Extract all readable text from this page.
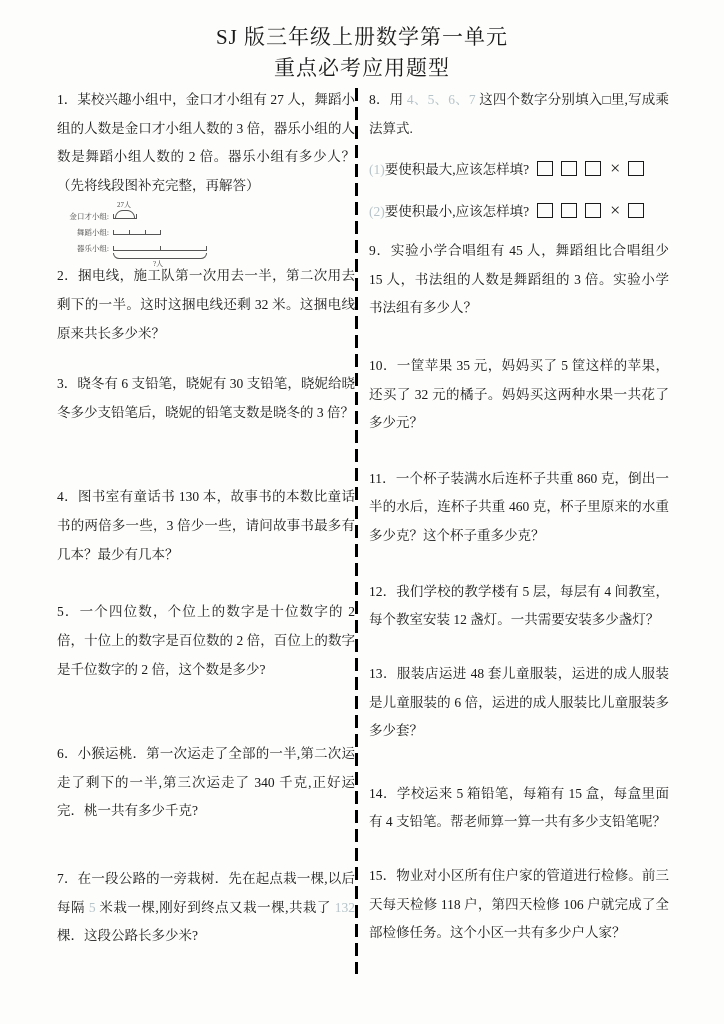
SJ 版三年级上册数学第一单元
重点必考应用题型

1．某校兴趣小组中，金口才小组有 27 人，舞蹈小组的人数是金口才小组人数的 3 倍，器乐小组的人数是舞蹈小组人数的 2 倍。器乐小组有多少人？（先将线段图补充完整，再解答）

金口才小组:
27人
舞蹈小组:
器乐小组:
?人

2．捆电线，施工队第一次用去一半，第二次用去剩下的一半。这时这捆电线还剩 32 米。这捆电线原来共长多少米？

3．晓冬有 6 支铅笔，晓妮有 30 支铅笔，晓妮给晓冬多少支铅笔后，晓妮的铅笔支数是晓冬的 3 倍？

4．图书室有童话书 130 本，故事书的本数比童话书的两倍多一些，3 倍少一些，请问故事书最多有几本？最少有几本？

5．一个四位数，个位上的数字是十位数字的 2 倍，十位上的数字是百位数的 2 倍，百位上的数字是千位数字的 2 倍，这个数是多少?

6．小猴运桃．第一次运走了全部的一半,第二次运走了剩下的一半,第三次运走了 340 千克,正好运完．桃一共有多少千克?

7．在一段公路的一旁栽树．先在起点栽一棵,以后每隔 5 米栽一棵,刚好到终点又栽一棵,共栽了 132 棵．这段公路长多少米?

8．用 4、5、6、7 这四个数字分别填入□里,写成乘法算式.

(1)要使积最大,应该怎样填?	×
(2)要使积最小,应该怎样填?	×

9．实验小学合唱组有 45 人，舞蹈组比合唱组少 15 人，书法组的人数是舞蹈组的 3 倍。实验小学书法组有多少人？

10．一筐苹果 35 元，妈妈买了 5 筐这样的苹果，还买了 32 元的橘子。妈妈买这两种水果一共花了多少元？

11．一个杯子装满水后连杯子共重 860 克，倒出一半的水后，连杯子共重 460 克，杯子里原来的水重多少克？这个杯子重多少克？

12．我们学校的教学楼有 5 层，每层有 4 间教室，每个教室安装 12 盏灯。一共需要安装多少盏灯？

13．服装店运进 48 套儿童服装，运进的成人服装是儿童服装的 6 倍，运进的成人服装比儿童服装多多少套？

14．学校运来 5 箱铅笔，每箱有 15 盒，每盒里面有 4 支铅笔。帮老师算一算一共有多少支铅笔呢？

15．物业对小区所有住户家的管道进行检修。前三天每天检修 118 户，第四天检修 106 户就完成了全部检修任务。这个小区一共有多少户人家？
